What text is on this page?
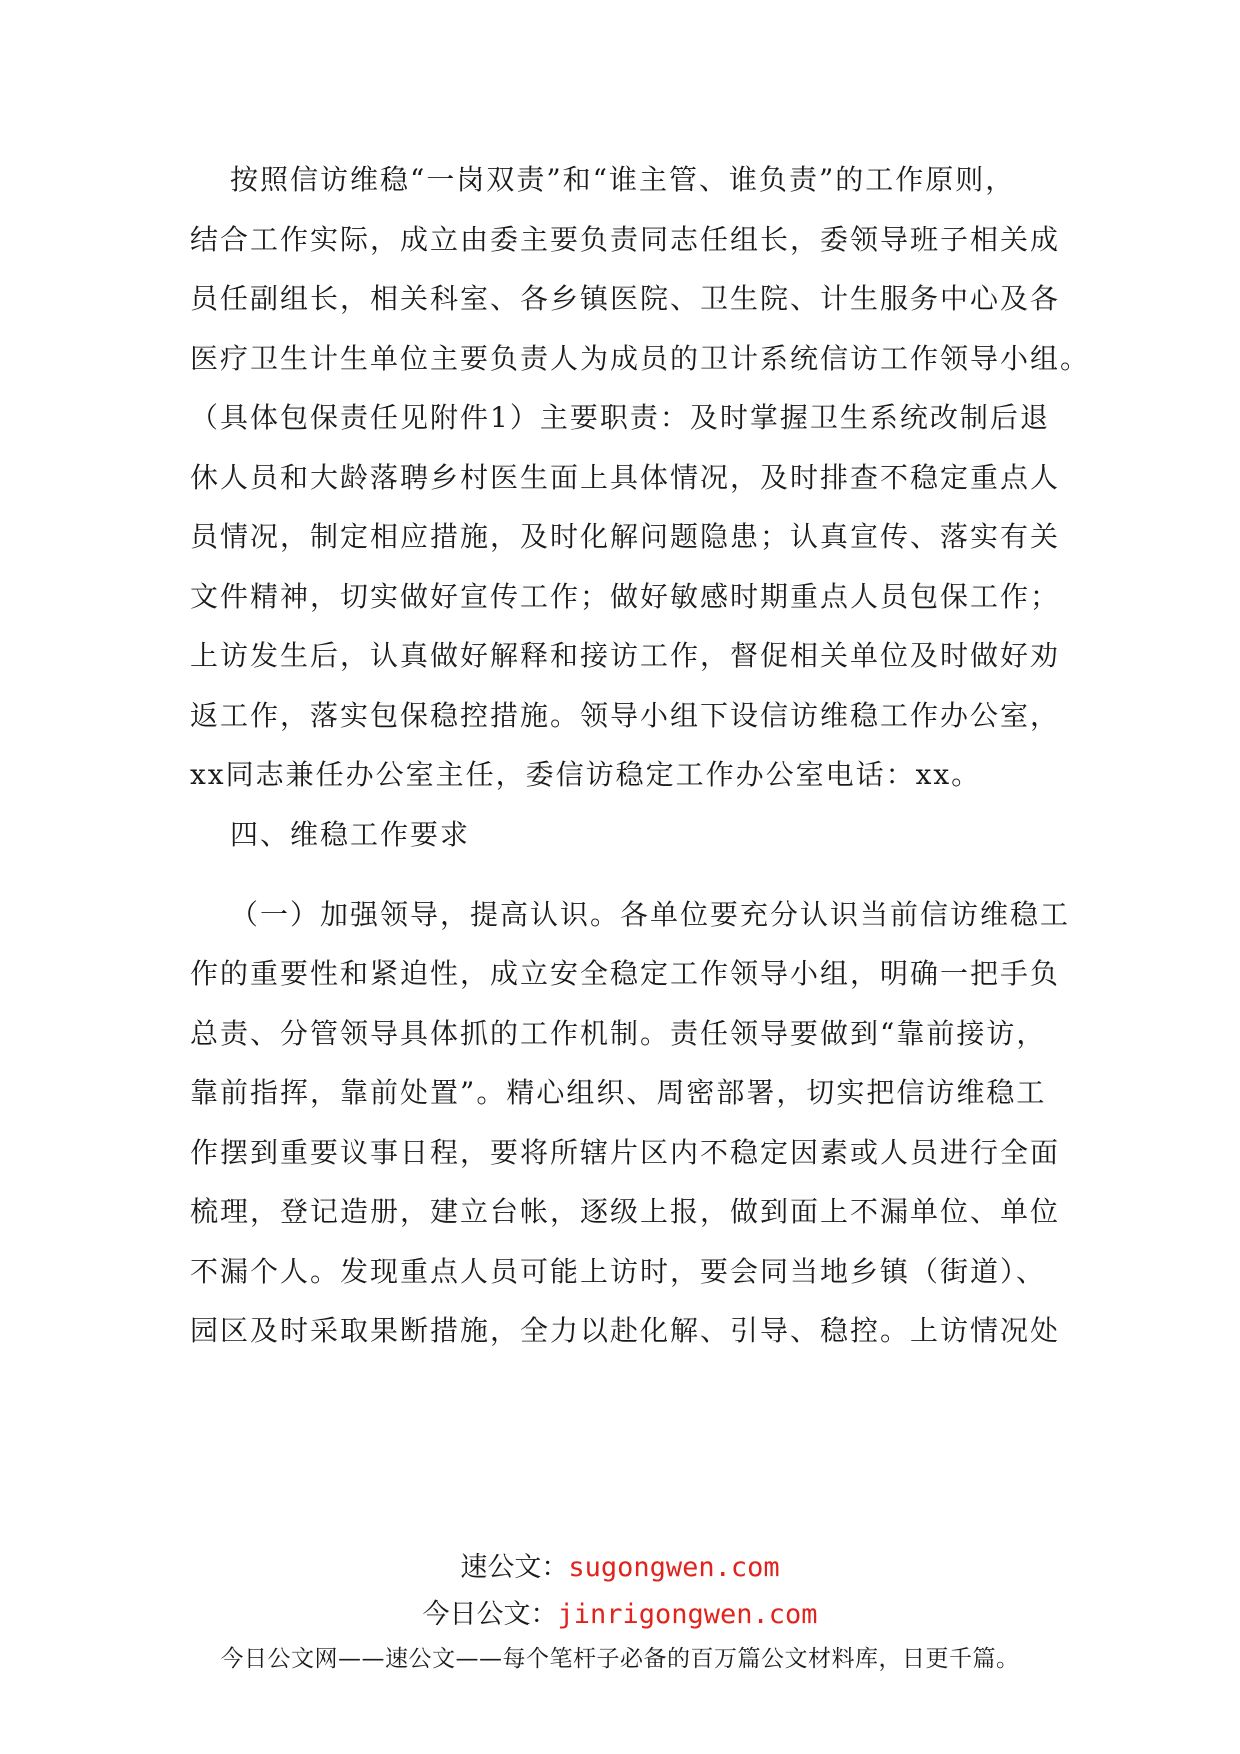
按照信访维稳“一岗双责”和“谁主管、谁负责”的工作原则，
结合工作实际，成立由委主要负责同志任组长，委领导班子相关成
员任副组长，相关科室、各乡镇医院、卫生院、计生服务中心及各
医疗卫生计生单位主要负责人为成员的卫计系统信访工作领导小组。
（具体包保责任见附件1）主要职责：及时掌握卫生系统改制后退
休人员和大龄落聘乡村医生面上具体情况，及时排查不稳定重点人
员情况，制定相应措施，及时化解问题隐患；认真宣传、落实有关
文件精神，切实做好宣传工作；做好敏感时期重点人员包保工作；
上访发生后，认真做好解释和接访工作，督促相关单位及时做好劝
返工作，落实包保稳控措施。领导小组下设信访维稳工作办公室，
xx同志兼任办公室主任，委信访稳定工作办公室电话：xx。
四、维稳工作要求
（一）加强领导，提高认识。各单位要充分认识当前信访维稳工
作的重要性和紧迫性，成立安全稳定工作领导小组，明确一把手负
总责、分管领导具体抓的工作机制。责任领导要做到“靠前接访，
靠前指挥，靠前处置”。精心组织、周密部署，切实把信访维稳工
作摆到重要议事日程，要将所辖片区内不稳定因素或人员进行全面
梳理，登记造册，建立台帐，逐级上报，做到面上不漏单位、单位
不漏个人。发现重点人员可能上访时，要会同当地乡镇（街道）、
园区及时采取果断措施，全力以赴化解、引导、稳控。上访情况处
速公文：sugongwen.com
今日公文：jinrigongwen.com
今日公文网——速公文——每个笔杆子必备的百万篇公文材料库，日更千篇。
